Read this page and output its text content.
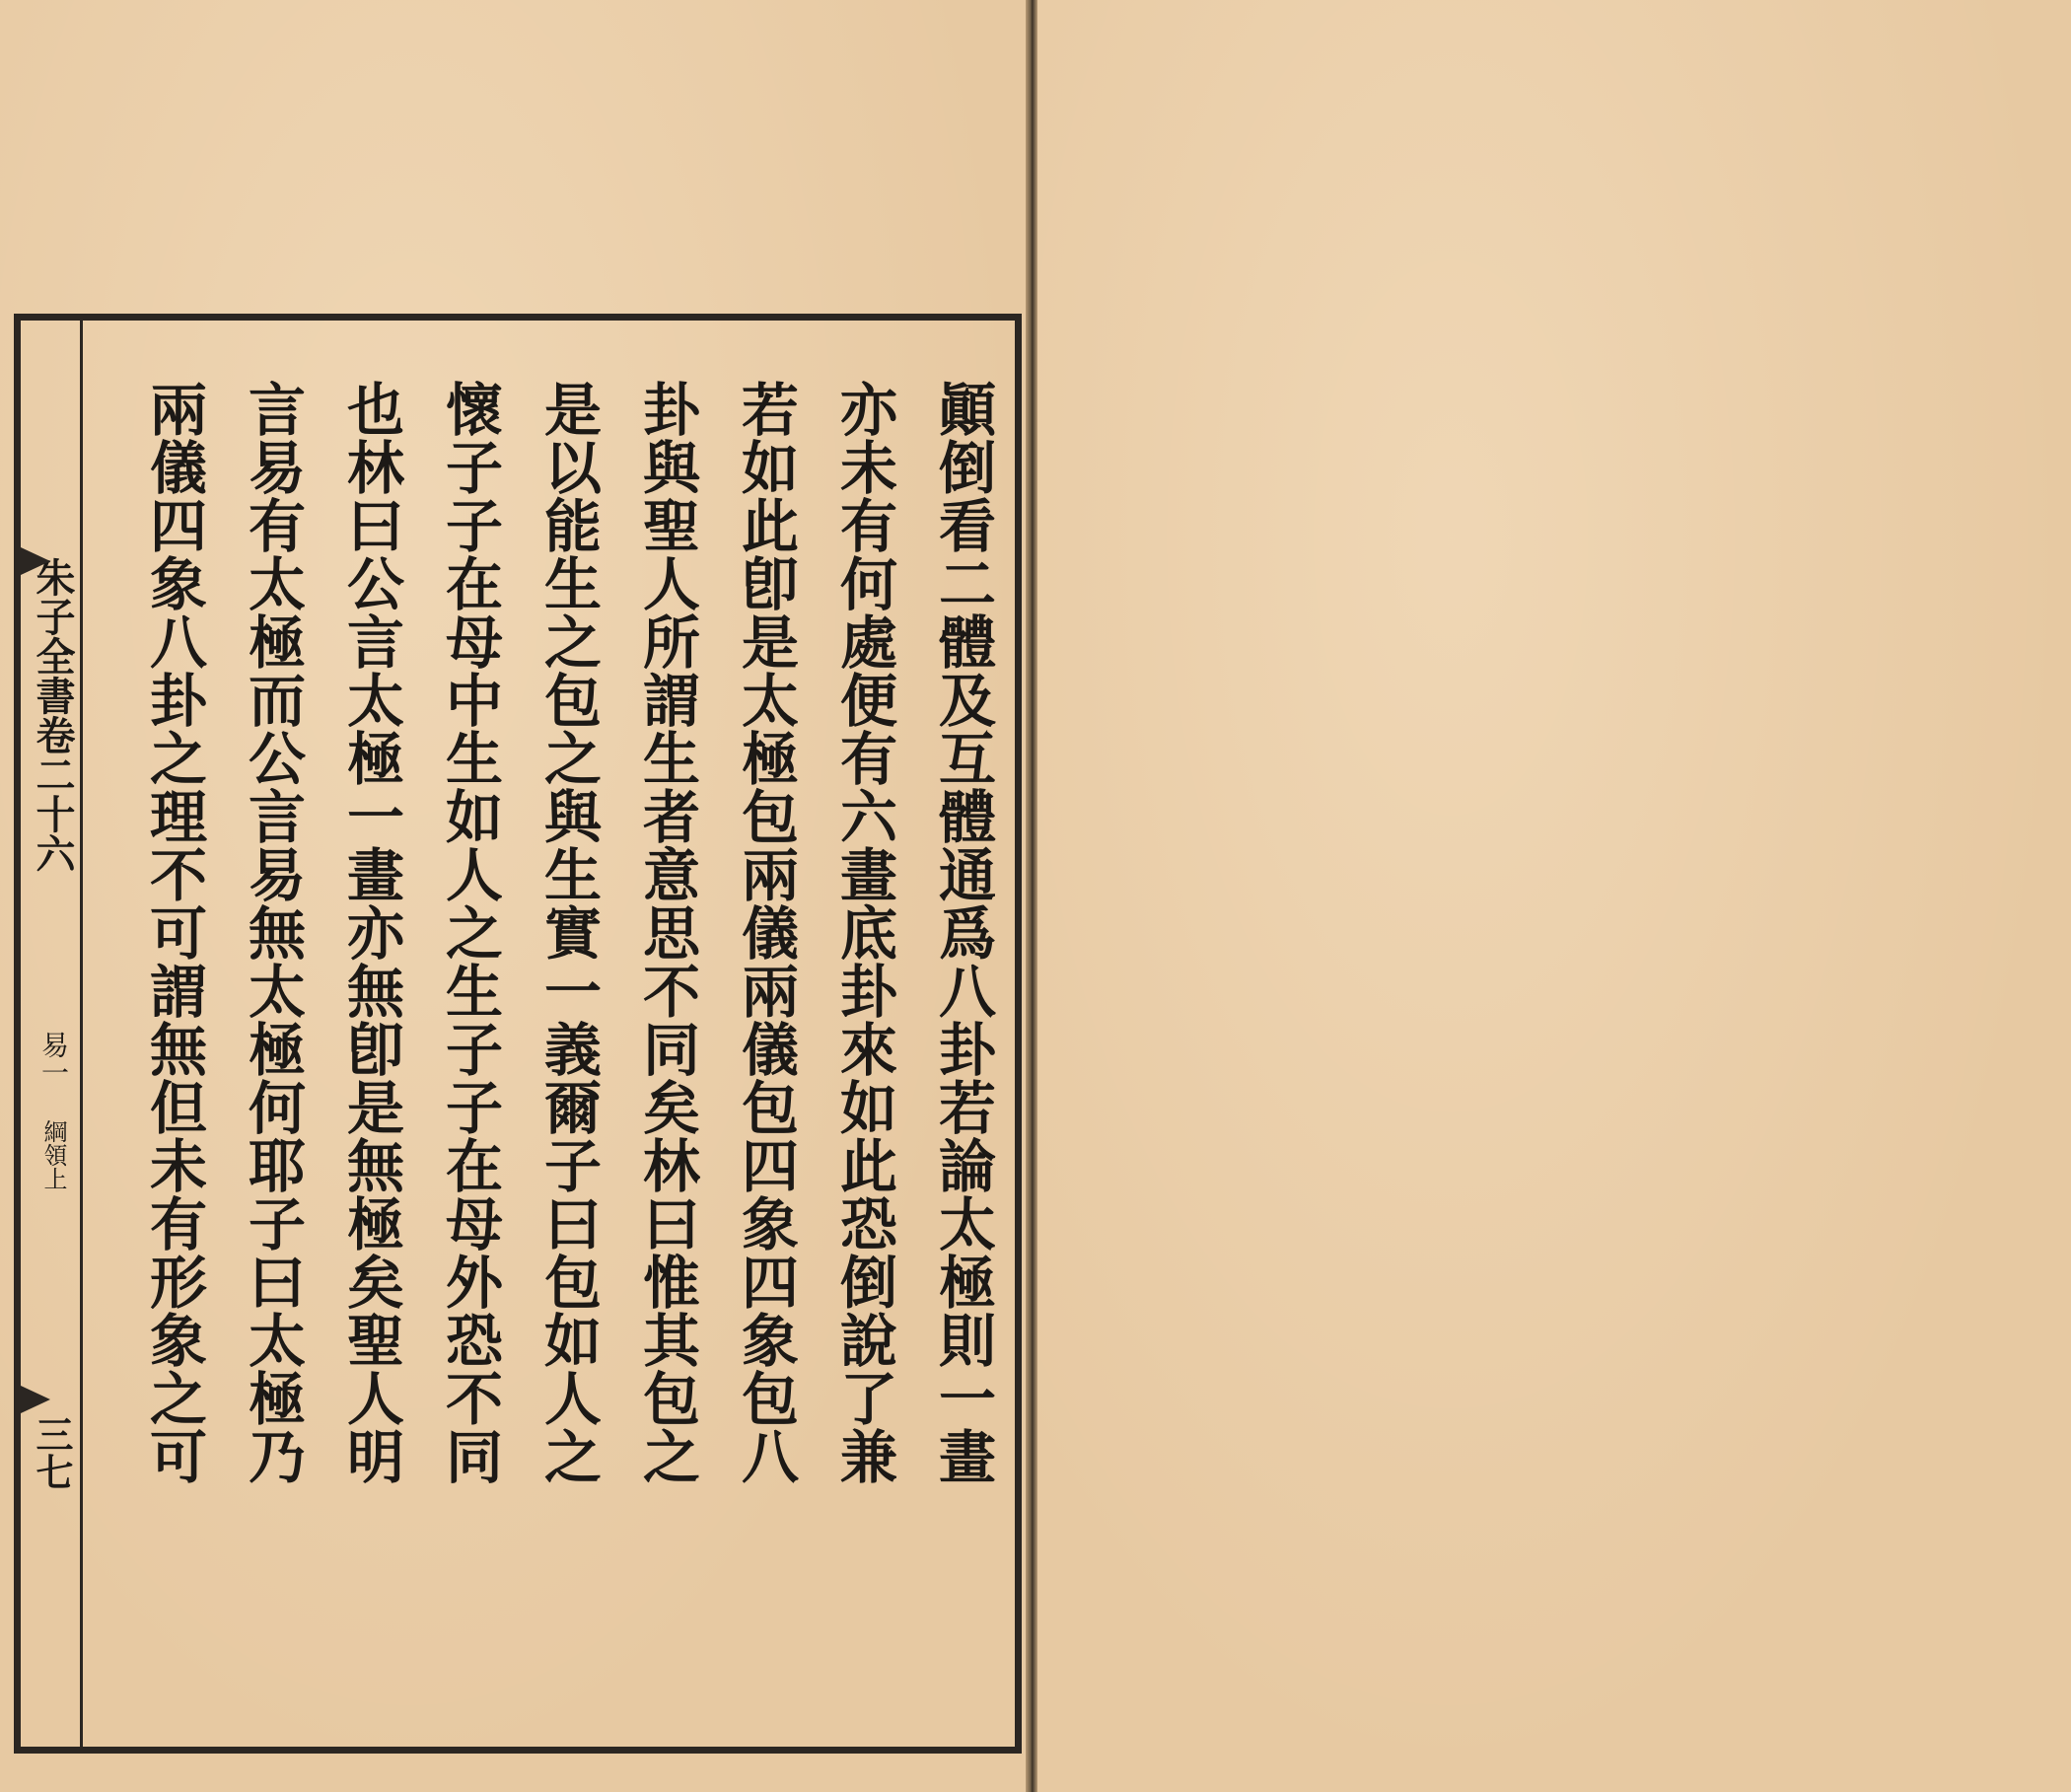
朱子全書卷二十六
易一
綱領上
三七	顚倒看二體及互體通爲八卦若論太極則一畫
亦未有何處便有六畫底卦來如此恐倒說了兼
若如此卽是太極包兩儀兩儀包四象四象包八
卦與聖人所謂生者意思不同矣林曰惟其包之
是以能生之包之與生實一義爾子曰包如人之
懷子子在母中生如人之生子子在母外恐不同
也林曰公言太極一畫亦無卽是無極矣聖人明
言易有太極而公言易無太極何耶子曰太極乃
兩儀四象八卦之理不可謂無但未有形象之可
